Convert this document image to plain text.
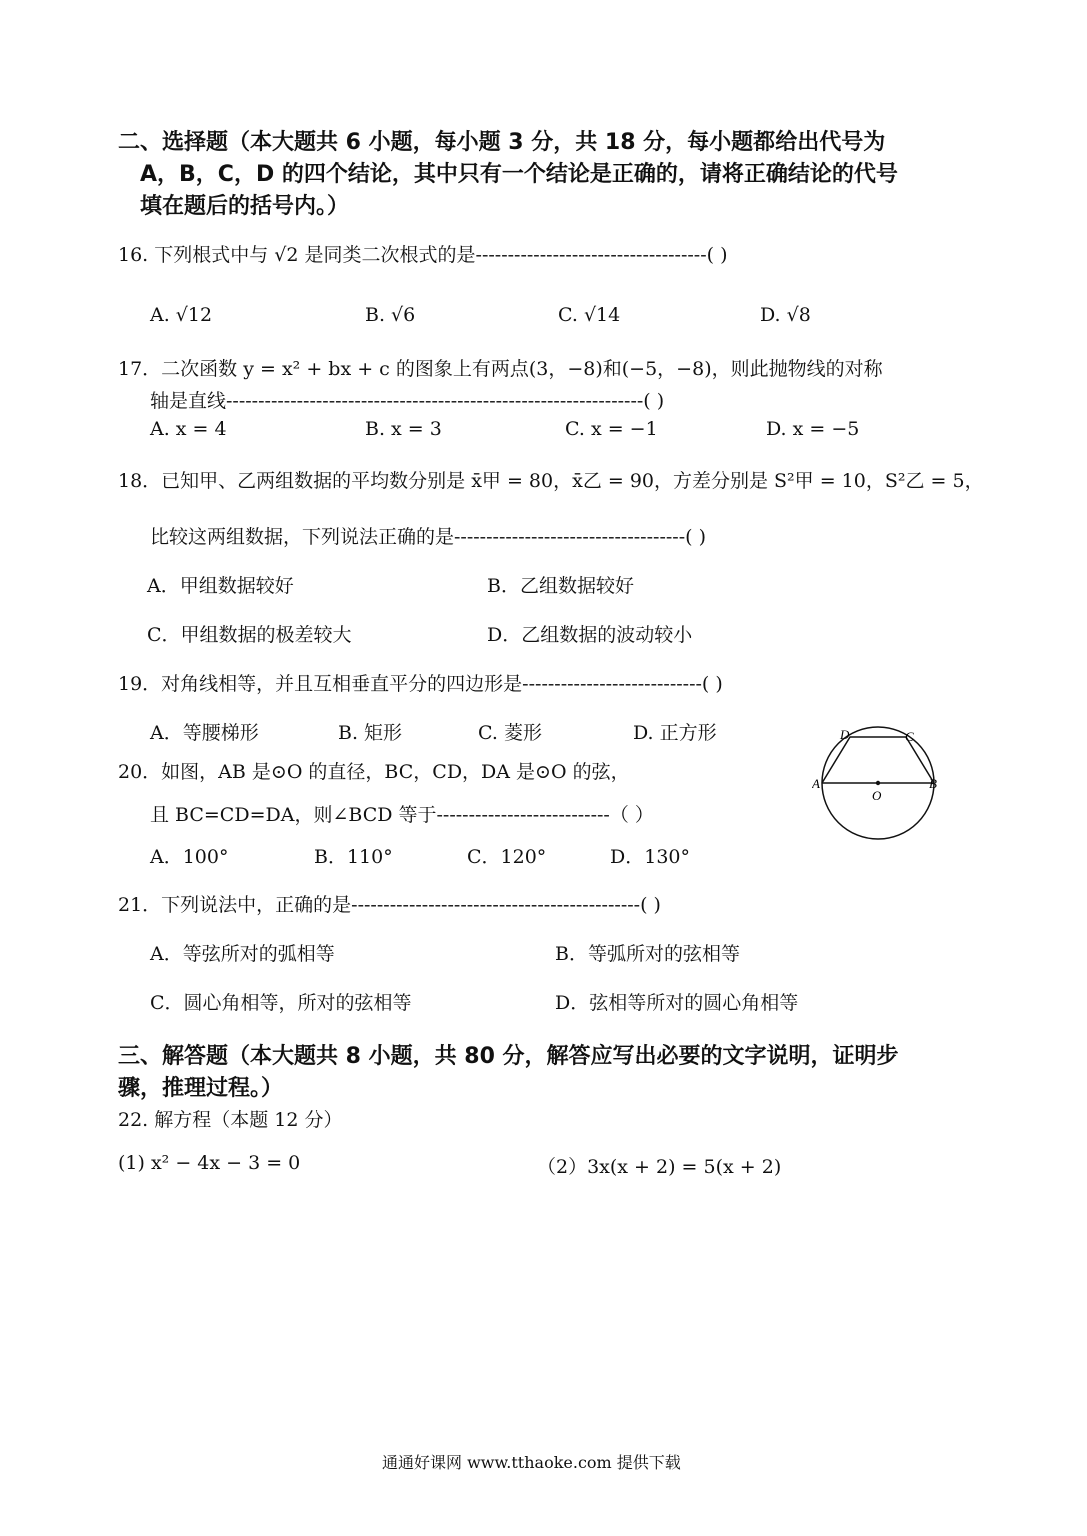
二、选择题（本大题共 6 小题，每小题 3 分，共 18 分，每小题都给出代号为
A，B，C，D 的四个结论，其中只有一个结论是正确的，请将正确结论的代号
填在题后的括号内。）
16. 下列根式中与 √2 是同类二次根式的是------------------------------------( )
A. √12	B. √6	C. √14	D. √8
17．二次函数 y = x² + bx + c 的图象上有两点(3，−8)和(−5，−8)，则此抛物线的对称
轴是直线-----------------------------------------------------------------( )
A. x = 4	B. x = 3	C. x = −1	D. x = −5
18．已知甲、乙两组数据的平均数分别是 x̄甲 = 80，x̄乙 = 90，方差分别是 S²甲 = 10，S²乙 = 5，
比较这两组数据，下列说法正确的是------------------------------------( )
A．甲组数据较好	B．乙组数据较好
C．甲组数据的极差较大	D．乙组数据的波动较小
19．对角线相等，并且互相垂直平分的四边形是----------------------------( )
A．等腰梯形	B. 矩形	C. 菱形	D. 正方形
20．如图，AB 是⊙O 的直径，BC，CD，DA 是⊙O 的弦，
且 BC=CD=DA，则∠BCD 等于---------------------------（ ）
A．100°	B．110°	C．120°	D．130°
A	B
C
D
O
21．下列说法中，正确的是---------------------------------------------( )
A．等弦所对的弧相等	B．等弧所对的弦相等
C．圆心角相等，所对的弦相等	D．弦相等所对的圆心角相等
三、解答题（本大题共 8 小题，共 80 分，解答应写出必要的文字说明，证明步
骤，推理过程。）
22. 解方程（本题 12 分）
(1) x² − 4x − 3 = 0	（2）3x(x + 2) = 5(x + 2)
通通好课网 www.tthaoke.com 提供下载
